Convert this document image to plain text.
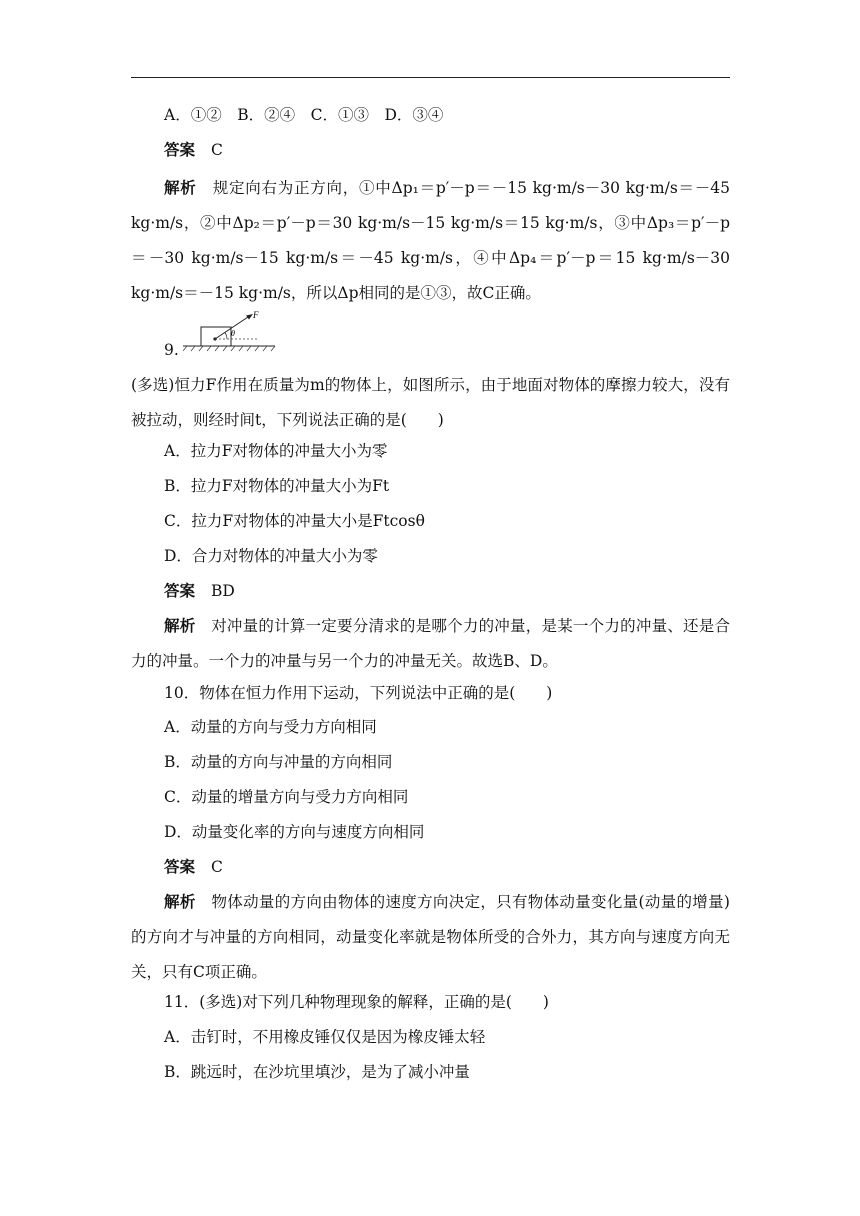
A．①②　B．②④　C．①③　D．③④
答案 C
解析　 规定向右为正方向，①中Δp₁＝p′－p＝－15 kg·m/s－30 kg·m/s＝－45 kg·m/s，②中Δp₂＝p′－p＝30 kg·m/s－15 kg·m/s＝15 kg·m/s，③中Δp₃＝p′－p＝－30 kg·m/s－15 kg·m/s＝－45 kg·m/s，④中Δp₄＝p′－p＝15 kg·m/s－30 kg·m/s＝－15 kg·m/s，所以Δp相同的是①③，故C正确。
9.
F
θ
(多选)恒力F作用在质量为m的物体上，如图所示，由于地面对物体的摩擦力较大，没有被拉动，则经时间t，下列说法正确的是(　　)
A．拉力F对物体的冲量大小为零
B．拉力F对物体的冲量大小为Ft
C．拉力F对物体的冲量大小是Ftcosθ
D．合力对物体的冲量大小为零
答案 BD
解析　 对冲量的计算一定要分清求的是哪个力的冲量，是某一个力的冲量、还是合力的冲量。一个力的冲量与另一个力的冲量无关。故选B、D。
10．物体在恒力作用下运动，下列说法中正确的是(　　)
A．动量的方向与受力方向相同
B．动量的方向与冲量的方向相同
C．动量的增量方向与受力方向相同
D．动量变化率的方向与速度方向相同
答案 C
解析　 物体动量的方向由物体的速度方向决定，只有物体动量变化量(动量的增量)的方向才与冲量的方向相同，动量变化率就是物体所受的合外力，其方向与速度方向无关，只有C项正确。
11．(多选)对下列几种物理现象的解释，正确的是(　　)
A．击钉时，不用橡皮锤仅仅是因为橡皮锤太轻
B．跳远时，在沙坑里填沙，是为了减小冲量
